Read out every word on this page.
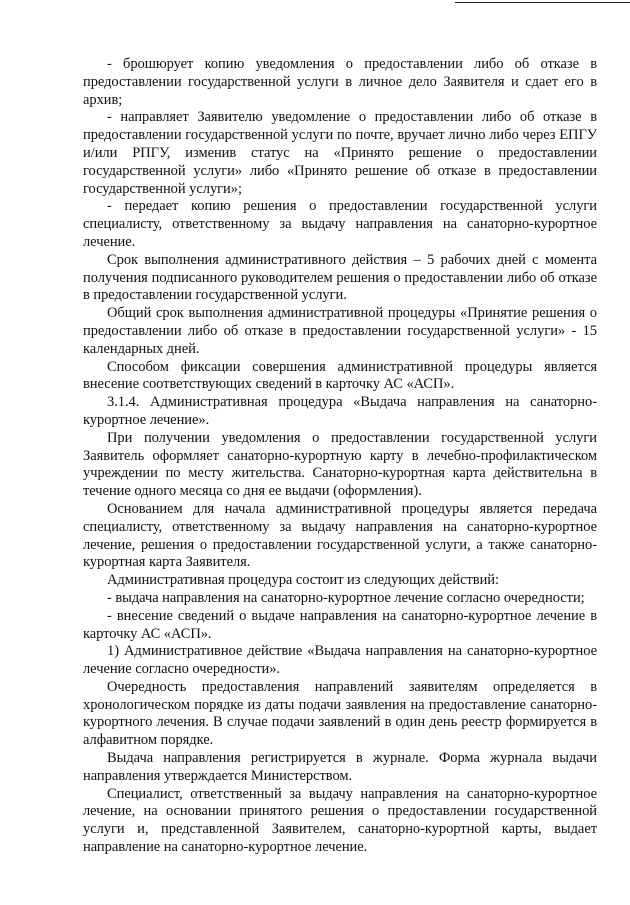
- брошюрует копию уведомления о предоставлении либо об отказе в предоставлении государственной услуги в личное дело Заявителя и сдает его в архив;

- направляет Заявителю уведомление о предоставлении либо об отказе в предоставлении государственной услуги по почте, вручает лично либо через ЕПГУ и/или РПГУ, изменив статус на «Принято решение о предоставлении государственной услуги» либо «Принято решение об отказе в предоставлении государственной услуги»;

- передает копию решения о предоставлении государственной услуги специалисту, ответственному за выдачу направления на санаторно-курортное лечение.

Срок выполнения административного действия – 5 рабочих дней с момента получения подписанного руководителем решения о предоставлении либо об отказе в предоставлении государственной услуги.

Общий срок выполнения административной процедуры «Принятие решения о предоставлении либо об отказе в предоставлении государственной услуги» - 15 календарных дней.

Способом фиксации совершения административной процедуры является внесение соответствующих сведений в карточку АС «АСП».

3.1.4. Административная процедура «Выдача направления на санаторно-курортное лечение».

При получении уведомления о предоставлении государственной услуги Заявитель оформляет санаторно-курортную карту в лечебно-профилактическом учреждении по месту жительства. Санаторно-курортная карта действительна в течение одного месяца со дня ее выдачи (оформления).

Основанием для начала административной процедуры является передача специалисту, ответственному за выдачу направления на санаторно-курортное лечение, решения о предоставлении государственной услуги, а также санаторно-курортная карта Заявителя.

Административная процедура состоит из следующих действий:

- выдача направления на санаторно-курортное лечение согласно очередности;

- внесение сведений о выдаче направления на санаторно-курортное лечение в карточку АС «АСП».

1) Административное действие «Выдача направления на санаторно-курортное лечение согласно очередности».

Очередность предоставления направлений заявителям определяется в хронологическом порядке из даты подачи заявления на предоставление санаторно-курортного лечения. В случае подачи заявлений в один день реестр формируется в алфавитном порядке.

Выдача направления регистрируется в журнале. Форма журнала выдачи направления утверждается Министерством.

Специалист, ответственный за выдачу направления на санаторно-курортное лечение, на основании принятого решения о предоставлении государственной услуги и, представленной Заявителем, санаторно-курортной карты, выдает направление на санаторно-курортное лечение.
